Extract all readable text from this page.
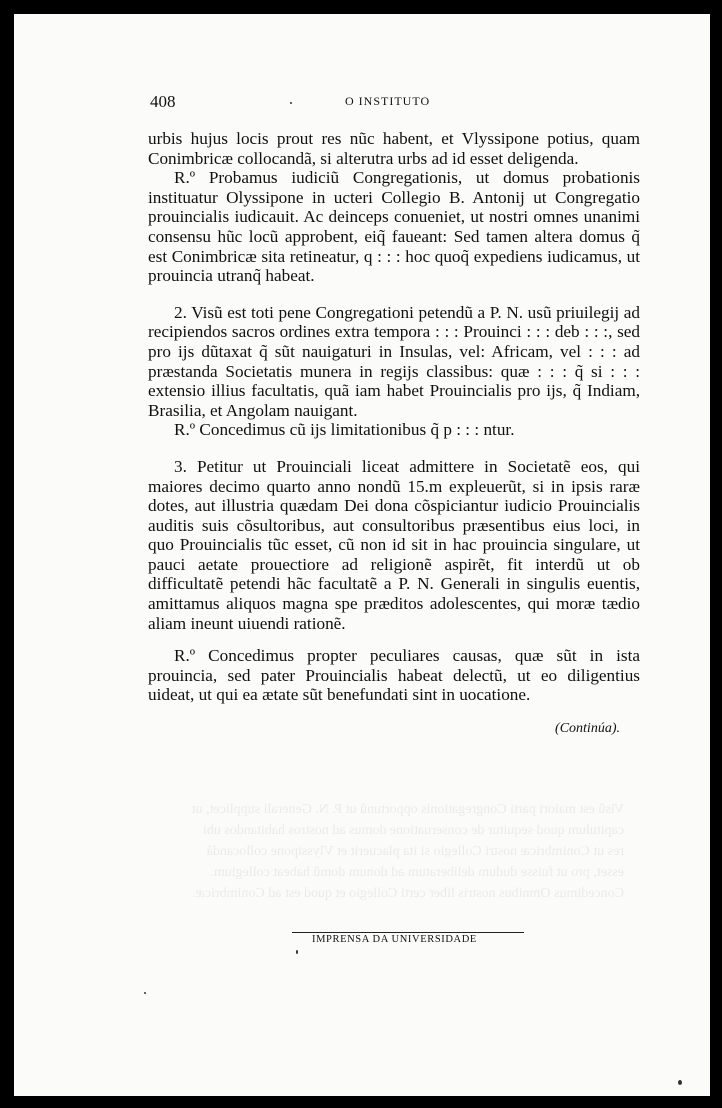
408	O INSTITUTO

urbis hujus locis prout res nũc habent, et Vlyssipone potius, quam Conimbricæ collocandã, si alterutra urbs ad id esset deligenda.

R.º Probamus iudiciũ Congregationis, ut domus probationis instituatur Olyssipone in ucteri Collegio B. Antonij ut Congregatio prouincialis iudicauit. Ac deinceps conueniet, ut nostri omnes unanimi consensu hũc locũ approbent, eiq̃ faueant: Sed tamen altera domus q̃ est Conimbricæ sita retineatur, q : : : hoc quoq̃ expediens iudicamus, ut prouincia utranq̃ habeat.

2. Visũ est toti pene Congregationi petendũ a P. N. usũ priuilegij ad recipiendos sacros ordines extra tempora : : : Prouinci : : : deb : : :, sed pro ijs dũtaxat q̃ sũt nauigaturi in Insulas, vel: Africam, vel : : : ad præstanda Societatis munera in regijs classibus: quæ : : : q̃ si : : : extensio illius facultatis, quã iam habet Prouincialis pro ijs, q̃ Indiam, Brasilia, et Angolam nauigant.

R.º Concedimus cũ ijs limitationibus q̃ p : : : ntur.

3. Petitur ut Prouinciali liceat admittere in Societatẽ eos, qui maiores decimo quarto anno nondũ 15.m expleuerũt, si in ipsis raræ dotes, aut illustria quædam Dei dona cõspiciantur iudicio Prouincialis auditis suis cõsultoribus, aut consultoribus præsentibus eius loci, in quo Prouincialis tũc esset, cũ non id sit in hac prouincia singulare, ut pauci aetate prouectiore ad religionẽ aspirẽt, fit interdũ ut ob difficultatẽ petendi hãc facultatẽ a P. N. Generali in singulis euentis, amittamus aliquos magna spe præditos adolescentes, qui moræ tædio aliam ineunt uiuendi rationẽ.

R.º Concedimus propter peculiares causas, quæ sũt in ista prouincia, sed pater Prouincialis habeat delectũ, ut eo diligentius uideat, ut qui ea ætate sũt benefundati sint in uocatione.

(Continúa).
Visũ est maiori parti Congregationis opportunũ ut P. N. Generali supplicet, ut capitulum quod sequitur de conseruatione domus ad nostros habitandos ubi res ut Conimbricæ nostri Collegio si ita placuerit et Vlyssipone collocandã esset, pro ut fuisse dudum deliberatum ad donum domũ habeat collegium. Concedimus Omnibus nostris liber certi Collegio et quod est ad Conimbricæ.
IMPRENSA DA UNIVERSIDADE
